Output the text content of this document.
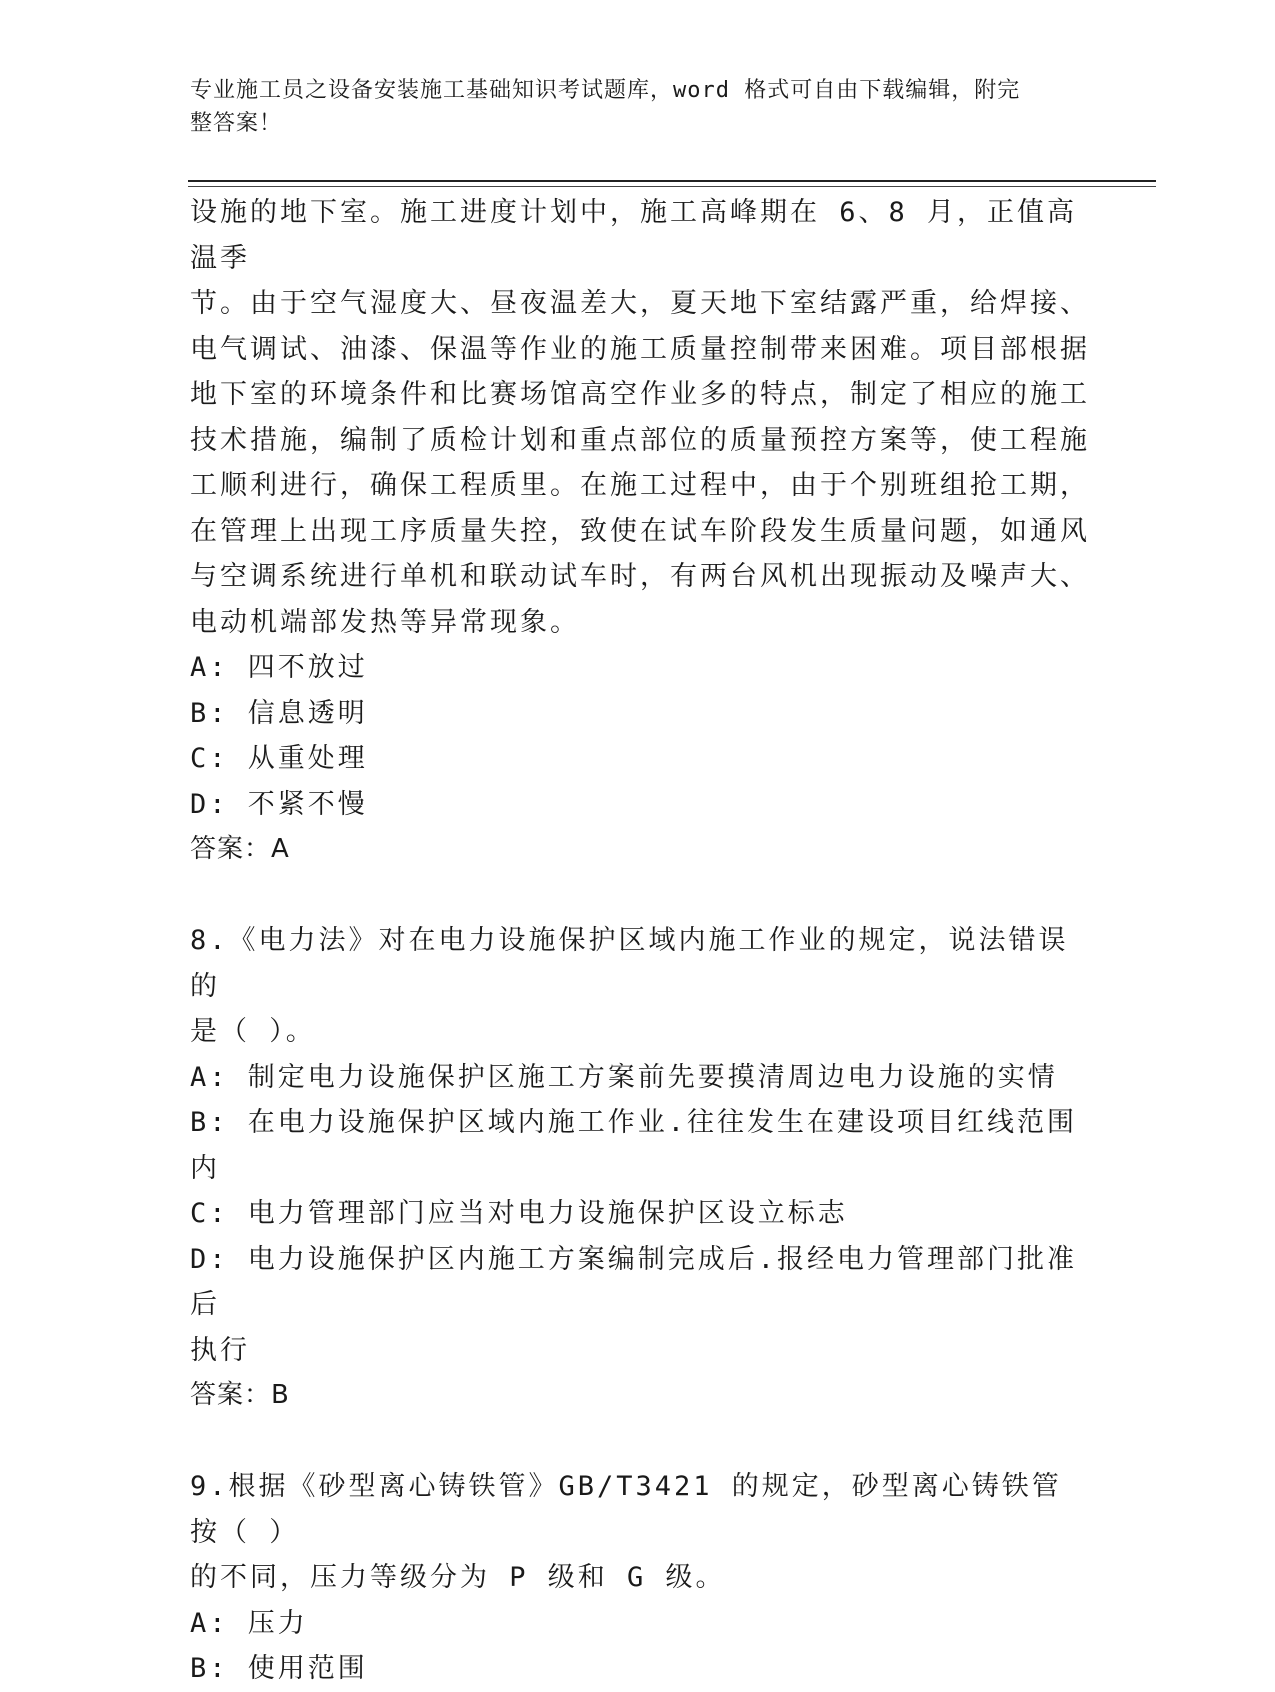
专业施工员之设备安装施工基础知识考试题库，word 格式可自由下载编辑，附完
整答案！

设施的地下室。施工进度计划中，施工高峰期在 6、8 月，正值高温季

节。由于空气湿度大、昼夜温差大，夏天地下室结露严重，给焊接、

电气调试、油漆、保温等作业的施工质量控制带来困难。项目部根据

地下室的环境条件和比赛场馆高空作业多的特点，制定了相应的施工

技术措施，编制了质检计划和重点部位的质量预控方案等，使工程施

工顺利进行，确保工程质里。在施工过程中，由于个别班组抢工期，

在管理上出现工序质量失控，致使在试车阶段发生质量问题，如通风

与空调系统进行单机和联动试车时，有两台风机出现振动及噪声大、

电动机端部发热等异常现象。

A: 四不放过

B: 信息透明

C: 从重处理

D: 不紧不慢

答案：A

8.《电力法》对在电力设施保护区域内施工作业的规定，说法错误的

是（ ）。

A: 制定电力设施保护区施工方案前先要摸清周边电力设施的实情

B: 在电力设施保护区域内施工作业.往往发生在建设项目红线范围内

C: 电力管理部门应当对电力设施保护区设立标志

D: 电力设施保护区内施工方案编制完成后.报经电力管理部门批准后

执行

答案：B

9.根据《砂型离心铸铁管》GB/T3421 的规定，砂型离心铸铁管按（ ）

的不同，压力等级分为 P 级和 G 级。

A: 压力

B: 使用范围
